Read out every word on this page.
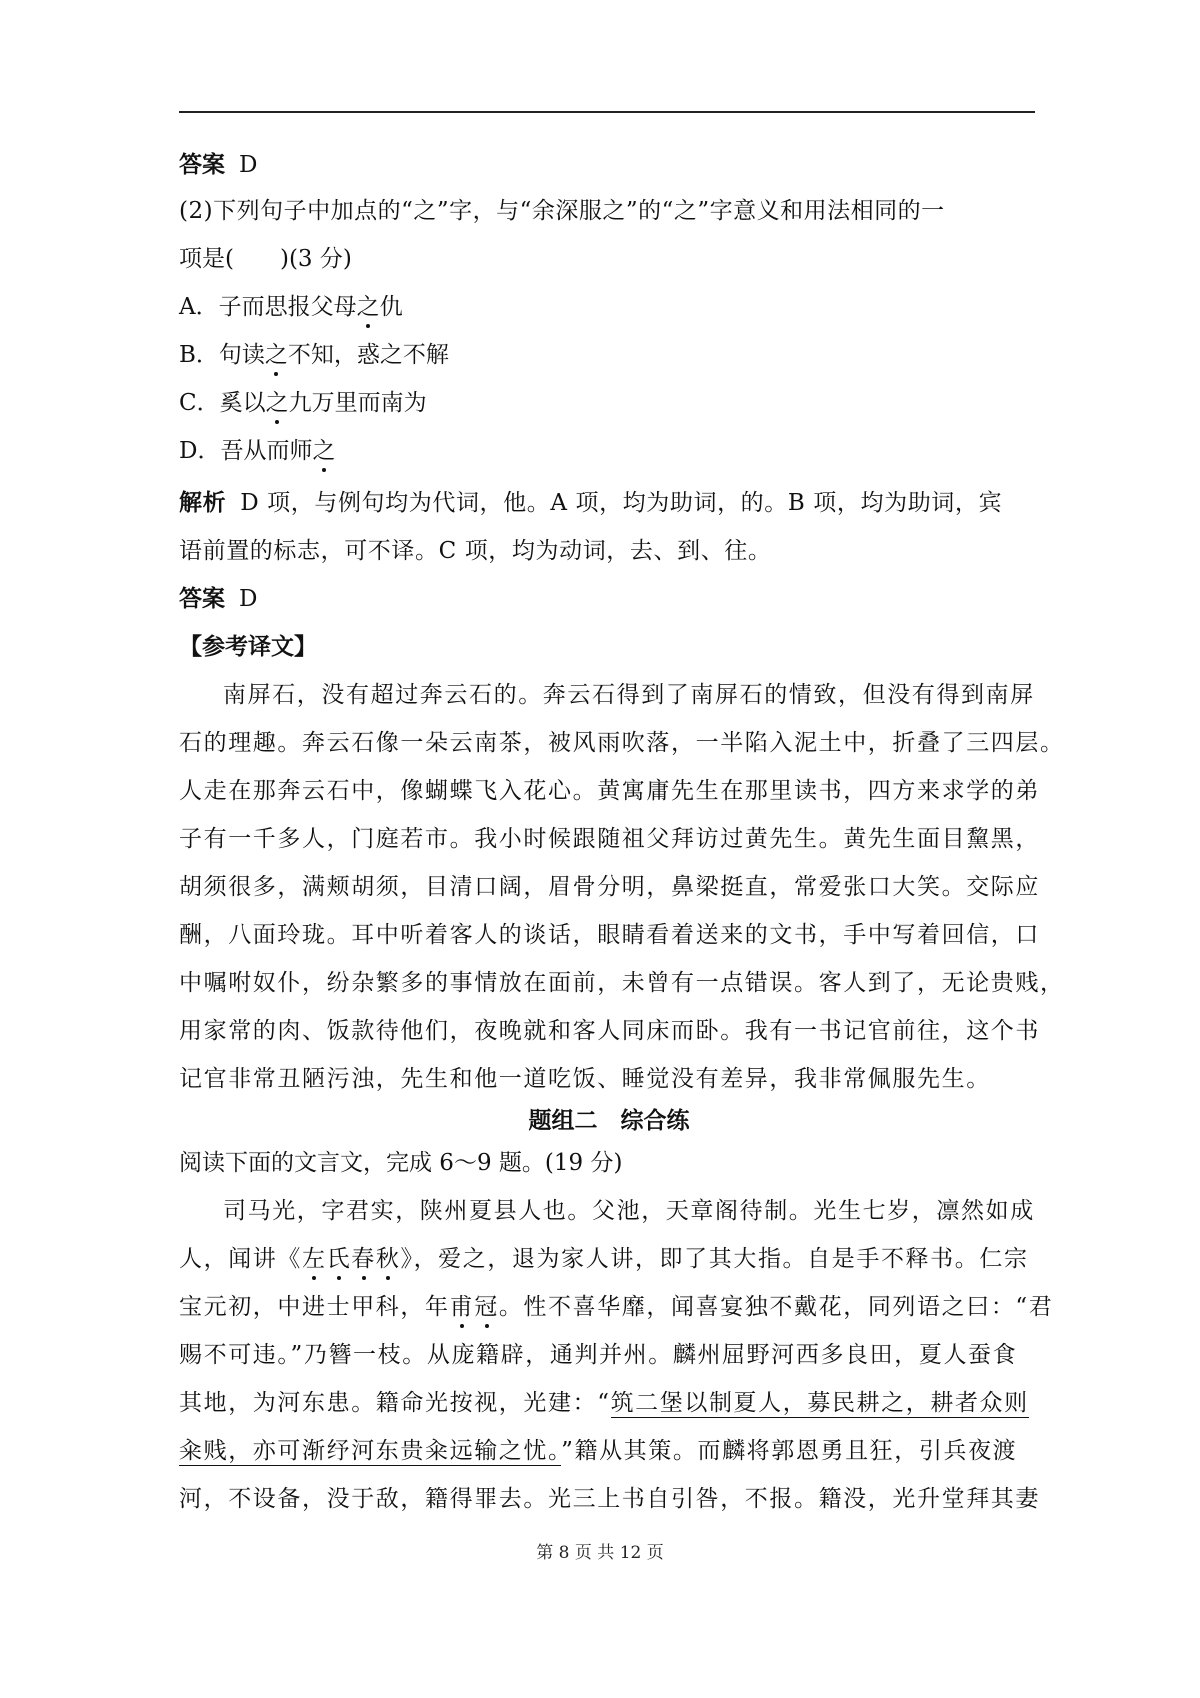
答案 D

(2)下列句子中加点的“之”字，与“余深服之”的“之”字意义和用法相同的一

项是(　　)(3 分)

A．子而思报父母之仇

B．句读之不知，惑之不解

C．奚以之九万里而南为

D．吾从而师之

解析 D 项，与例句均为代词，他。A 项，均为助词，的。B 项，均为助词，宾

语前置的标志，可不译。C 项，均为动词，去、到、往。

答案 D

【参考译文】

南屏石，没有超过奔云石的。奔云石得到了南屏石的情致，但没有得到南屏

石的理趣。奔云石像一朵云南茶，被风雨吹落，一半陷入泥土中，折叠了三四层。

人走在那奔云石中，像蝴蝶飞入花心。黄寓庸先生在那里读书，四方来求学的弟

子有一千多人，门庭若市。我小时候跟随祖父拜访过黄先生。黄先生面目黧黑，

胡须很多，满颊胡须，目清口阔，眉骨分明，鼻梁挺直，常爱张口大笑。交际应

酬，八面玲珑。耳中听着客人的谈话，眼睛看着送来的文书，手中写着回信，口

中嘱咐奴仆，纷杂繁多的事情放在面前，未曾有一点错误。客人到了，无论贵贱，

用家常的肉、饭款待他们，夜晚就和客人同床而卧。我有一书记官前往，这个书

记官非常丑陋污浊，先生和他一道吃饭、睡觉没有差异，我非常佩服先生。

题组二　综合练

阅读下面的文言文，完成 6～9 题。(19 分)

司马光，字君实，陕州夏县人也。父池，天章阁待制。光生七岁，凛然如成

人，闻讲《左氏春秋》，爱之，退为家人讲，即了其大指。自是手不释书。仁宗

宝元初，中进士甲科，年甫冠。性不喜华靡，闻喜宴独不戴花，同列语之曰：“君

赐不可违。”乃簪一枝。从庞籍辟，通判并州。麟州屈野河西多良田，夏人蚕食

其地，为河东患。籍命光按视，光建：“筑二堡以制夏人，募民耕之，耕者众则

籴贱，亦可渐纾河东贵籴远输之忧。”籍从其策。而麟将郭恩勇且狂，引兵夜渡

河，不设备，没于敌，籍得罪去。光三上书自引咎，不报。籍没，光升堂拜其妻

第 8 页 共 12 页
